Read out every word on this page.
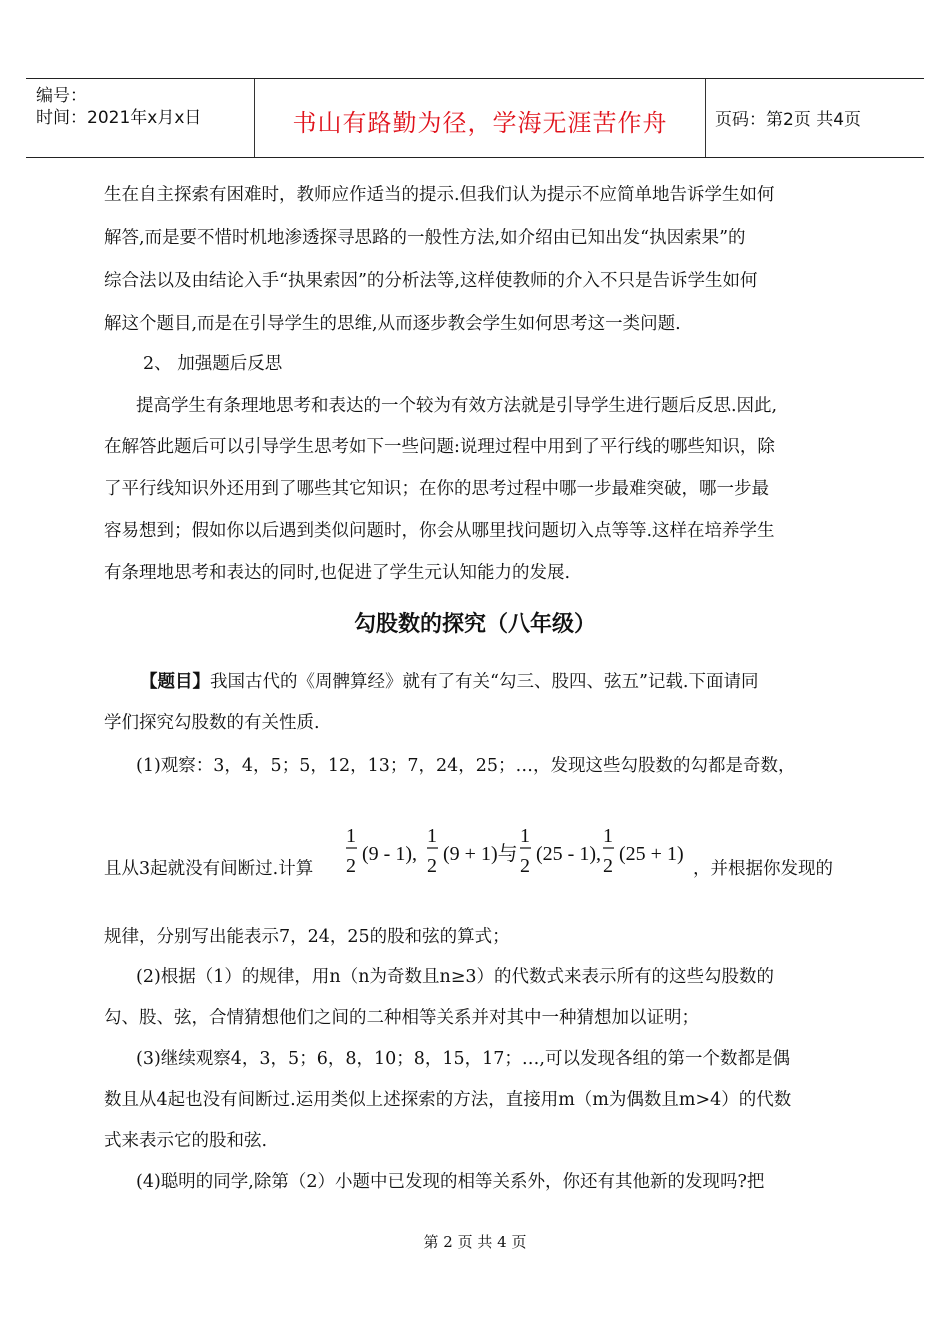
编号：
时间：2021年x月x日	书山有路勤为径，学海无涯苦作舟	页码：第2页 共4页
生在自主探索有困难时，教师应作适当的提示.但我们认为提示不应简单地告诉学生如何
解答,而是要不惜时机地渗透探寻思路的一般性方法,如介绍由已知出发“执因索果”的
综合法以及由结论入手“执果索因”的分析法等,这样使教师的介入不只是告诉学生如何
解这个题目,而是在引导学生的思维,从而逐步教会学生如何思考这一类问题.
2、 加强题后反思
提高学生有条理地思考和表达的一个较为有效方法就是引导学生进行题后反思.因此,
在解答此题后可以引导学生思考如下一些问题:说理过程中用到了平行线的哪些知识，除
了平行线知识外还用到了哪些其它知识；在你的思考过程中哪一步最难突破，哪一步最
容易想到；假如你以后遇到类似问题时，你会从哪里找问题切入点等等.这样在培养学生
有条理地思考和表达的同时,也促进了学生元认知能力的发展.
勾股数的探究（八年级）
【题目】我国古代的《周髀算经》就有了有关“勾三、股四、弦五”记载.下面请同
学们探究勾股数的有关性质.
(1)观察：3，4，5；5，12，13；7，24，25；…，发现这些勾股数的勾都是奇数，
且从3起就没有间断过.计算
1
2
(9 - 1),
1
2
(9 + 1)与
1
2
(25 - 1),
1
2
(25 + 1)
，并根据你发现的
规律，分别写出能表示7，24，25的股和弦的算式；
(2)根据（1）的规律，用n（n为奇数且n≥3）的代数式来表示所有的这些勾股数的
勾、股、弦，合情猜想他们之间的二种相等关系并对其中一种猜想加以证明；
(3)继续观察4，3，5；6，8，10；8，15，17；…,可以发现各组的第一个数都是偶
数且从4起也没有间断过.运用类似上述探索的方法，直接用m（m为偶数且m>4）的代数
式来表示它的股和弦.
(4)聪明的同学,除第（2）小题中已发现的相等关系外，你还有其他新的发现吗?把
第 2 页 共 4 页
